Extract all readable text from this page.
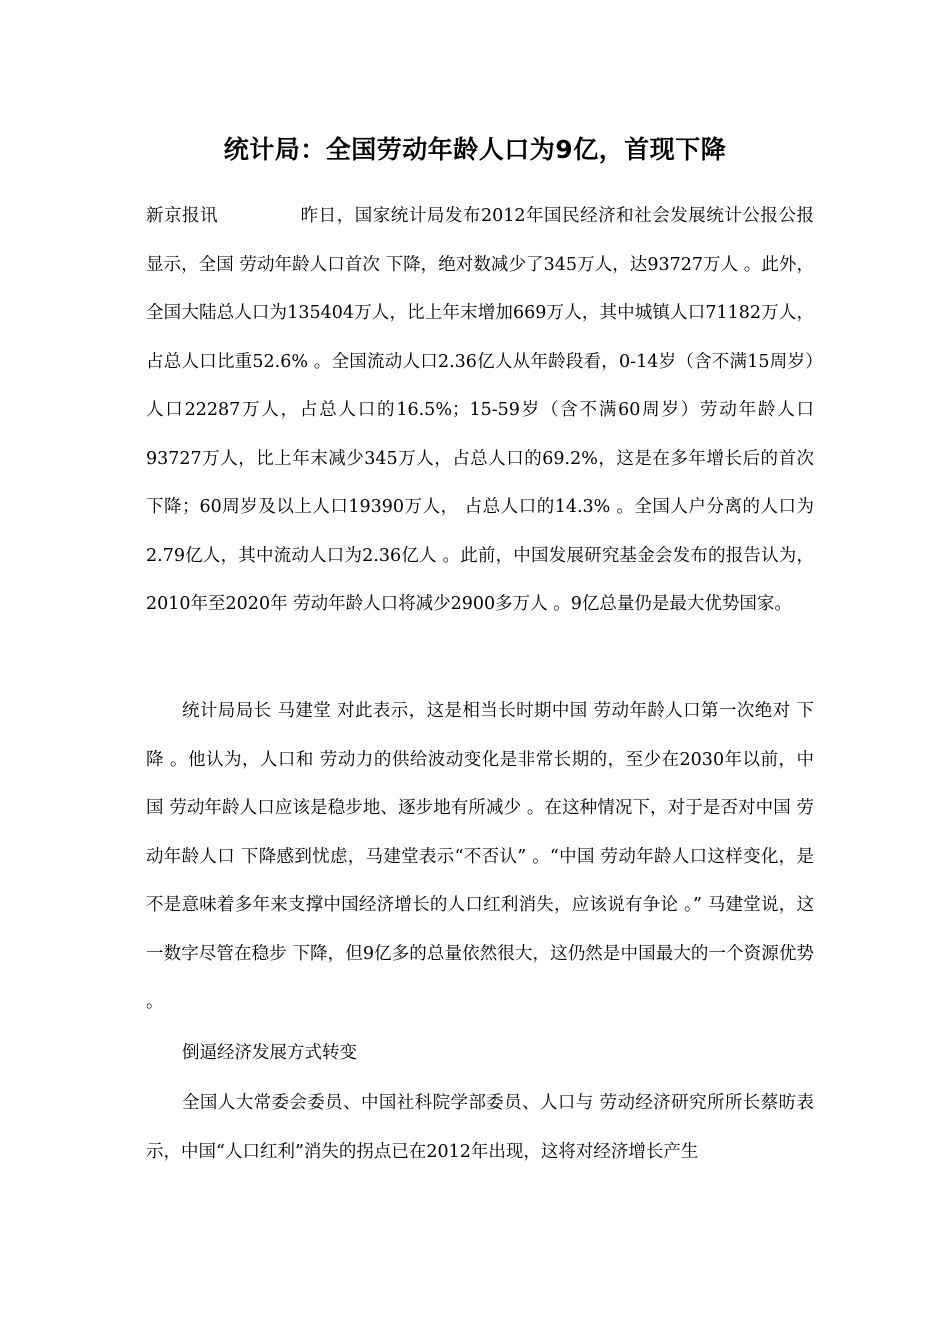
统计局：全国劳动年龄人口为9亿，首现下降

新京报讯	昨日，国家统计局发布2012年国民经济和社会发展统计公报公报显示，全国 劳动年龄人口首次 下降，绝对数减少了345万人，达93727万人 。此外，全国大陆总人口为135404万人，比上年末增加669万人，其中城镇人口71182万人，占总人口比重52.6% 。全国流动人口2.36亿人从年龄段看，0-14岁（含不满15周岁）人口22287万人，占总人口的16.5%；15-59岁（含不满60周岁）劳动年龄人口93727万人，比上年末减少345万人，占总人口的69.2%，这是在多年增长后的首次 下降；60周岁及以上人口19390万人， 占总人口的14.3% 。全国人户分离的人口为2.79亿人，其中流动人口为2.36亿人 。此前，中国发展研究基金会发布的报告认为，2010年至2020年 劳动年龄人口将减少2900多万人 。9亿总量仍是最大优势国家。

统计局局长 马建堂 对此表示，这是相当长时期中国 劳动年龄人口第一次绝对 下降 。他认为，人口和 劳动力的供给波动变化是非常长期的，至少在2030年以前，中国 劳动年龄人口应该是稳步地、逐步地有所减少 。在这种情况下，对于是否对中国 劳动年龄人口 下降感到忧虑，马建堂表示“不否认” 。“中国 劳动年龄人口这样变化，是不是意味着多年来支撑中国经济增长的人口红利消失，应该说有争论 。” 马建堂说，这一数字尽管在稳步 下降，但9亿多的总量依然很大，这仍然是中国最大的一个资源优势 。

倒逼经济发展方式转变

全国人大常委会委员、中国社科院学部委员、人口与 劳动经济研究所所长蔡昉表示，中国“人口红利”消失的拐点已在2012年出现，这将对经济增长产生
